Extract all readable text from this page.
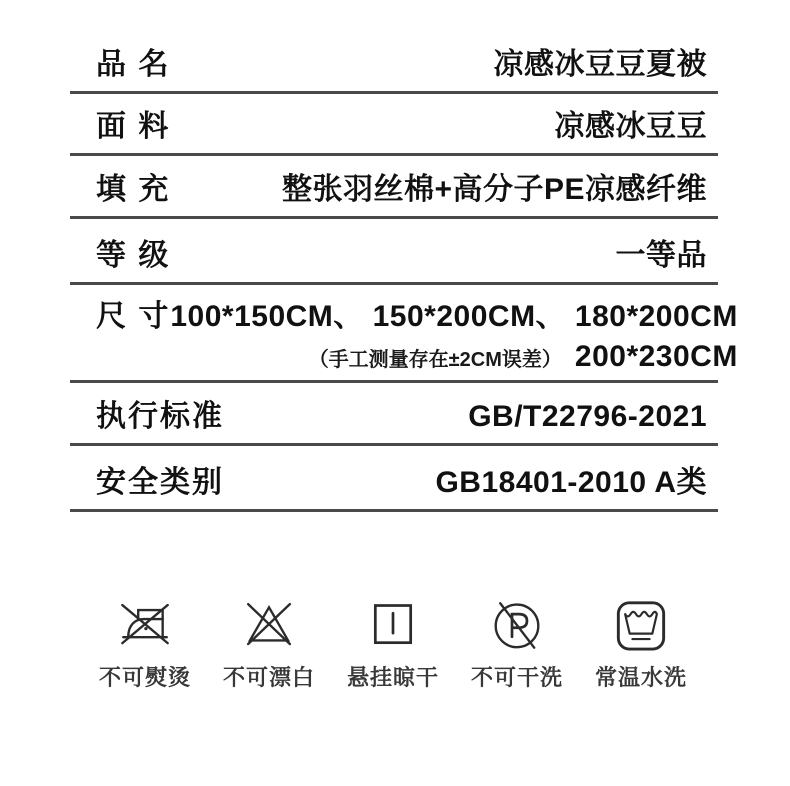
品 名	凉感冰豆豆夏被
面 料	凉感冰豆豆
填 充	整张羽丝棉+高分子PE凉感纤维
等 级	一等品
尺 寸 100*150CM、 150*200CM、 180*200CM
（手工测量存在±2CM误差） 200*230CM
执行标准	GB/T22796-2021
安全类别	GB18401-2010 A类
不可熨烫 不可漂白 悬挂晾干 不可干洗 常温水洗
